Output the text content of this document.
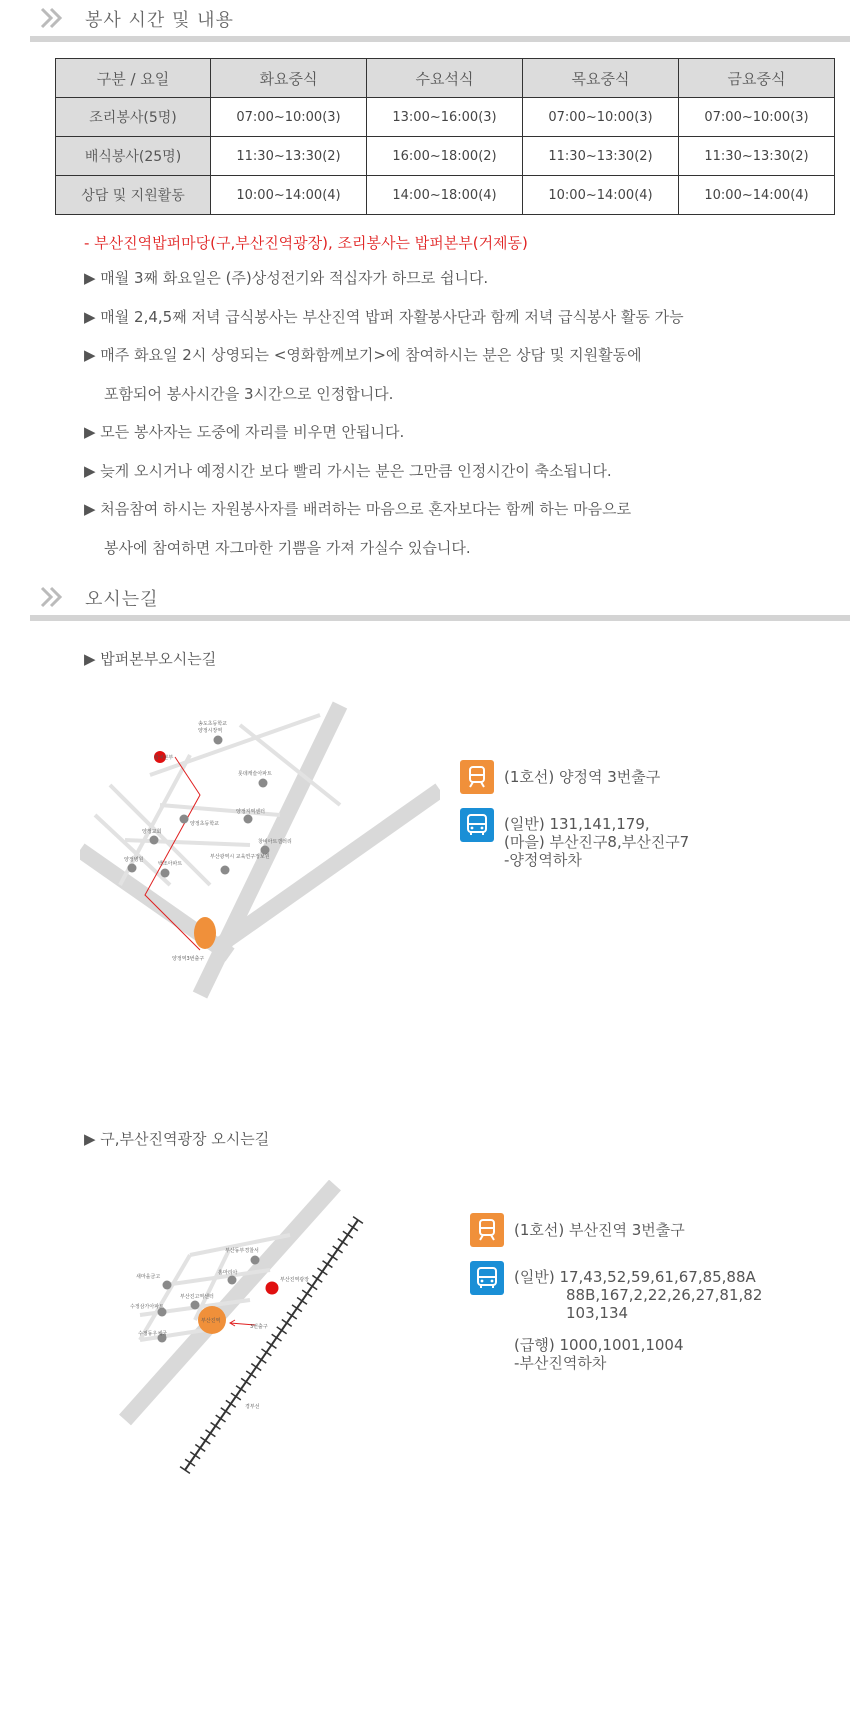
봉사 시간 및 내용
구분 / 요일	화요중식	수요석식	목요중식	금요중식
조리봉사(5명)	07:00~10:00(3)	13:00~16:00(3)	07:00~10:00(3)	07:00~10:00(3)
배식봉사(25명)	11:30~13:30(2)	16:00~18:00(2)	11:30~13:30(2)	11:30~13:30(2)
상담 및 지원활동	10:00~14:00(4)	14:00~18:00(4)	10:00~14:00(4)	10:00~14:00(4)
- 부산진역밥퍼마당(구,부산진역광장), 조리봉사는 밥퍼본부(거제동)
▶ 매월 3째 화요일은 (주)상성전기와 적십자가 하므로 쉽니다.
▶ 매월 2,4,5째 저녁 급식봉사는 부산진역 밥퍼 자활봉사단과 함께 저녁 급식봉사 활동 가능
▶ 매주 화요일 2시 상영되는 <영화함께보기>에 참여하시는 분은 상담 및 지원활동에
포함되어 봉사시간을 3시간으로 인정합니다.
▶ 모든 봉사자는 도중에 자리를 비우면 안됩니다.
▶ 늦게 오시거나 예정시간 보다 빨리 가시는 분은 그만큼 인정시간이 축소됩니다.
▶ 처음참여 하시는 자원봉사자를 배려하는 마음으로 혼자보다는 함께 하는 마음으로
봉사에 참여하면 자그마한 기쁨을 가져 가실수 있습니다.
오시는길
▶ 밥퍼본부오시는길
송도초등학교
양정시장역
밥퍼본부
롯데캐슬아파트
양정지역센터
양정초등학교
양정교회
양정병원	부산광역시 교육연구정보원
창비아트갤러리
백조아파트
양정역3번출구
(1호선) 양정역 3번출구
(일반) 131,141,179,
(마을) 부산진구8,부산진구7
-양정역하차
▶ 구,부산진역광장 오시는길
부산동부경찰서
새마을금고
홈마리아
부산진역광장
부산진고역센터
수정삼가아파트
부산진역
3번출구
수정동우체국
경부선
(1호선) 부산진역 3번출구
(일반) 17,43,52,59,61,67,85,88A
88B,167,2,22,26,27,81,82
103,134
(급행) 1000,1001,1004
-부산진역하차
